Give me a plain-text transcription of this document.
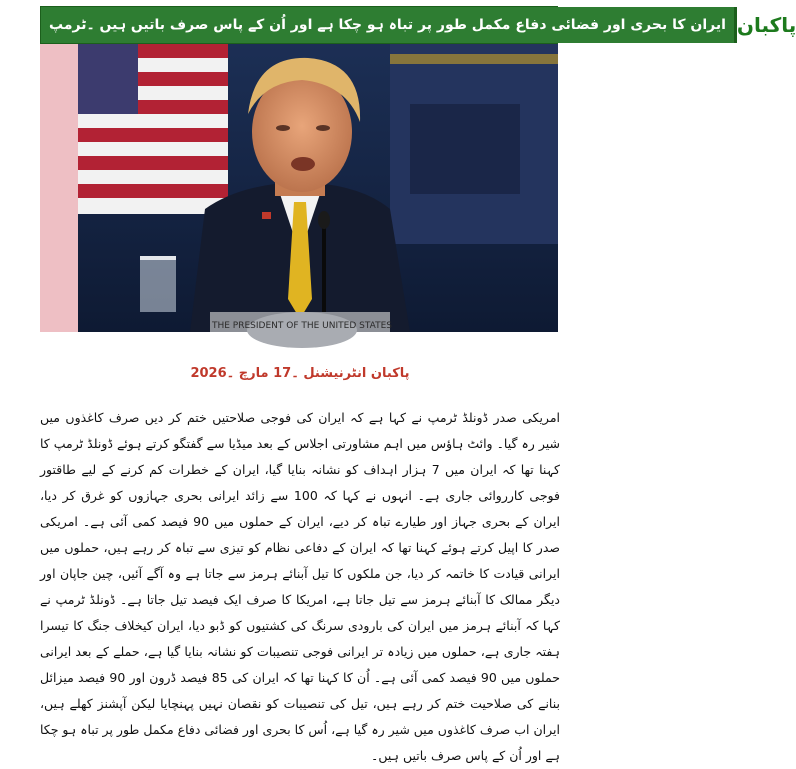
ایران کا بحری اور فضائی دفاع مکمل طور پر تباہ ہو چکا ہے اور اُن کے پاس صرف باتیں ہیں ۔ٹرمپ پاکبان
THE PRESIDENT OF THE UNITED STATES
پاکبان انٹرنیشنل ۔17 مارچ ۔2026
امریکی صدر ڈونلڈ ٹرمپ نے کہا ہے کہ ایران کی فوجی صلاحتیں ختم کر دیں صرف کاغذوں میں شیر رہ گیا۔ وائٹ ہاؤس میں اہم مشاورتی اجلاس کے بعد میڈیا سے گفتگو کرتے ہوئے ڈونلڈ ٹرمپ کا کہنا تھا کہ ایران میں 7 ہزار اہداف کو نشانہ بنایا گیا، ایران کے خطرات کم کرنے کے لیے طاقتور فوجی کارروائی جاری ہے۔ انہوں نے کہا کہ 100 سے زائد ایرانی بحری جہازوں کو غرق کر دیا، ایران کے بحری جہاز اور طیارے تباہ کر دیے، ایران کے حملوں میں 90 فیصد کمی آئی ہے۔ امریکی صدر کا اپیل کرتے ہوئے کہنا تھا کہ ایران کے دفاعی نظام کو تیزی سے تباہ کر رہے ہیں، حملوں میں ایرانی قیادت کا خاتمہ کر دیا، جن ملکوں کا تیل آبنائے ہرمز سے جاتا ہے وہ آگے آئیں، چین جاپان اور دیگر ممالک کا آبنائے ہرمز سے تیل جاتا ہے، امریکا کا صرف ایک فیصد تیل جاتا ہے۔ ڈونلڈ ٹرمپ نے کہا کہ آبنائے ہرمز میں ایران کی بارودی سرنگ کی کشتیوں کو ڈبو دیا، ایران کیخلاف جنگ کا تیسرا ہفتہ جاری ہے، حملوں میں زیادہ تر ایرانی فوجی تنصیبات کو نشانہ بنایا گیا ہے، حملے کے بعد ایرانی حملوں میں 90 فیصد کمی آئی ہے۔ اُن کا کہنا تھا کہ ایران کی 85 فیصد ڈرون اور 90 فیصد میزائل بنانے کی صلاحیت ختم کر رہے ہیں، تیل کی تنصیبات کو نقصان نہیں پہنچایا لیکن آپشنز کھلے ہیں، ایران اب صرف کاغذوں میں شیر رہ گیا ہے، اُس کا بحری اور فضائی دفاع مکمل طور پر تباہ ہو چکا ہے اور اُن کے پاس صرف باتیں ہیں۔
